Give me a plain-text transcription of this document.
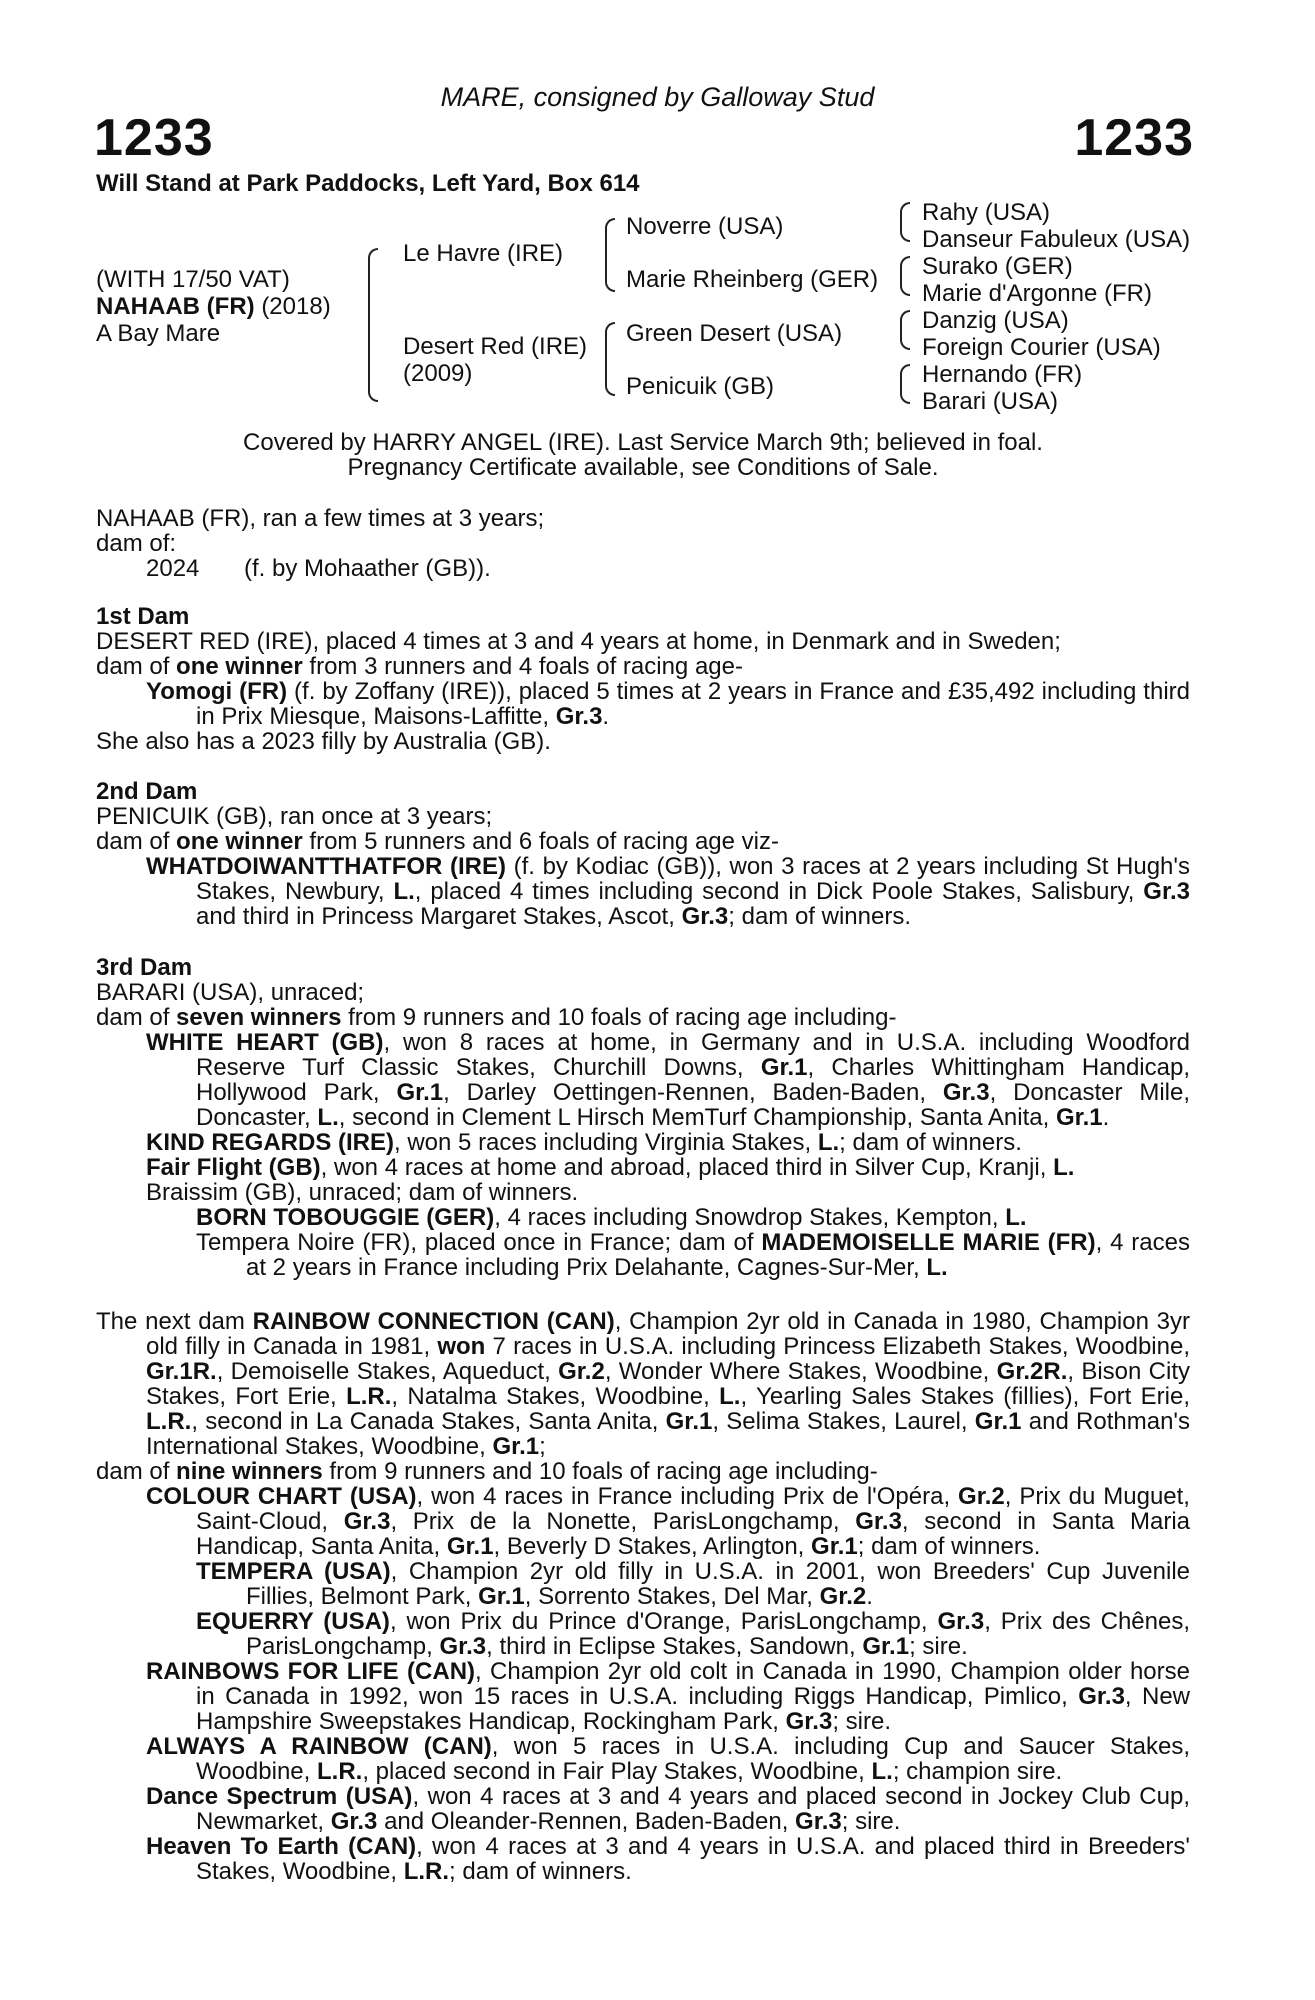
MARE, consigned by Galloway Stud
1233	1233
Will Stand at Park Paddocks, Left Yard, Box 614
(WITH 17/50 VAT)
NAHAAB (FR) (2018)
A Bay Mare
Le Havre (IRE)
Desert Red (IRE)
(2009)
Noverre (USA)
Marie Rheinberg (GER)
Green Desert (USA)
Penicuik (GB)
Rahy (USA)
Danseur Fabuleux (USA)
Surako (GER)
Marie d'Argonne (FR)
Danzig (USA)
Foreign Courier (USA)
Hernando (FR)
Barari (USA)
Covered by HARRY ANGEL (IRE). Last Service March 9th; believed in foal.
Pregnancy Certificate available, see Conditions of Sale.
NAHAAB (FR), ran a few times at 3 years;
dam of:
2024 (f. by Mohaather (GB)).
1st Dam
DESERT RED (IRE), placed 4 times at 3 and 4 years at home, in Denmark and in Sweden;
dam of one winner from 3 runners and 4 foals of racing age-
Yomogi (FR) (f. by Zoffany (IRE)), placed 5 times at 2 years in France and £35,492 including third in Prix Miesque, Maisons-Laffitte, Gr.3.
She also has a 2023 filly by Australia (GB).
2nd Dam
PENICUIK (GB), ran once at 3 years;
dam of one winner from 5 runners and 6 foals of racing age viz-
WHATDOIWANTTHATFOR (IRE) (f. by Kodiac (GB)), won 3 races at 2 years including St Hugh's Stakes, Newbury, L., placed 4 times including second in Dick Poole Stakes, Salisbury, Gr.3 and third in Princess Margaret Stakes, Ascot, Gr.3; dam of winners.
3rd Dam
BARARI (USA), unraced;
dam of seven winners from 9 runners and 10 foals of racing age including-
WHITE HEART (GB), won 8 races at home, in Germany and in U.S.A. including Woodford Reserve Turf Classic Stakes, Churchill Downs, Gr.1, Charles Whittingham Handicap, Hollywood Park, Gr.1, Darley Oettingen-Rennen, Baden-Baden, Gr.3, Doncaster Mile, Doncaster, L., second in Clement L Hirsch MemTurf Championship, Santa Anita, Gr.1.
KIND REGARDS (IRE), won 5 races including Virginia Stakes, L.; dam of winners.
Fair Flight (GB), won 4 races at home and abroad, placed third in Silver Cup, Kranji, L.
Braissim (GB), unraced; dam of winners.
BORN TOBOUGGIE (GER), 4 races including Snowdrop Stakes, Kempton, L.
Tempera Noire (FR), placed once in France; dam of MADEMOISELLE MARIE (FR), 4 races at 2 years in France including Prix Delahante, Cagnes-Sur-Mer, L.
The next dam RAINBOW CONNECTION (CAN), Champion 2yr old in Canada in 1980, Champion 3yr old filly in Canada in 1981, won 7 races in U.S.A. including Princess Elizabeth Stakes, Woodbine, Gr.1R., Demoiselle Stakes, Aqueduct, Gr.2, Wonder Where Stakes, Woodbine, Gr.2R., Bison City Stakes, Fort Erie, L.R., Natalma Stakes, Woodbine, L., Yearling Sales Stakes (fillies), Fort Erie, L.R., second in La Canada Stakes, Santa Anita, Gr.1, Selima Stakes, Laurel, Gr.1 and Rothman's International Stakes, Woodbine, Gr.1;
dam of nine winners from 9 runners and 10 foals of racing age including-
COLOUR CHART (USA), won 4 races in France including Prix de l'Opéra, Gr.2, Prix du Muguet, Saint-Cloud, Gr.3, Prix de la Nonette, ParisLongchamp, Gr.3, second in Santa Maria Handicap, Santa Anita, Gr.1, Beverly D Stakes, Arlington, Gr.1; dam of winners.
TEMPERA (USA), Champion 2yr old filly in U.S.A. in 2001, won Breeders' Cup Juvenile Fillies, Belmont Park, Gr.1, Sorrento Stakes, Del Mar, Gr.2.
EQUERRY (USA), won Prix du Prince d'Orange, ParisLongchamp, Gr.3, Prix des Chênes, ParisLongchamp, Gr.3, third in Eclipse Stakes, Sandown, Gr.1; sire.
RAINBOWS FOR LIFE (CAN), Champion 2yr old colt in Canada in 1990, Champion older horse in Canada in 1992, won 15 races in U.S.A. including Riggs Handicap, Pimlico, Gr.3, New Hampshire Sweepstakes Handicap, Rockingham Park, Gr.3; sire.
ALWAYS A RAINBOW (CAN), won 5 races in U.S.A. including Cup and Saucer Stakes, Woodbine, L.R., placed second in Fair Play Stakes, Woodbine, L.; champion sire.
Dance Spectrum (USA), won 4 races at 3 and 4 years and placed second in Jockey Club Cup, Newmarket, Gr.3 and Oleander-Rennen, Baden-Baden, Gr.3; sire.
Heaven To Earth (CAN), won 4 races at 3 and 4 years in U.S.A. and placed third in Breeders' Stakes, Woodbine, L.R.; dam of winners.
